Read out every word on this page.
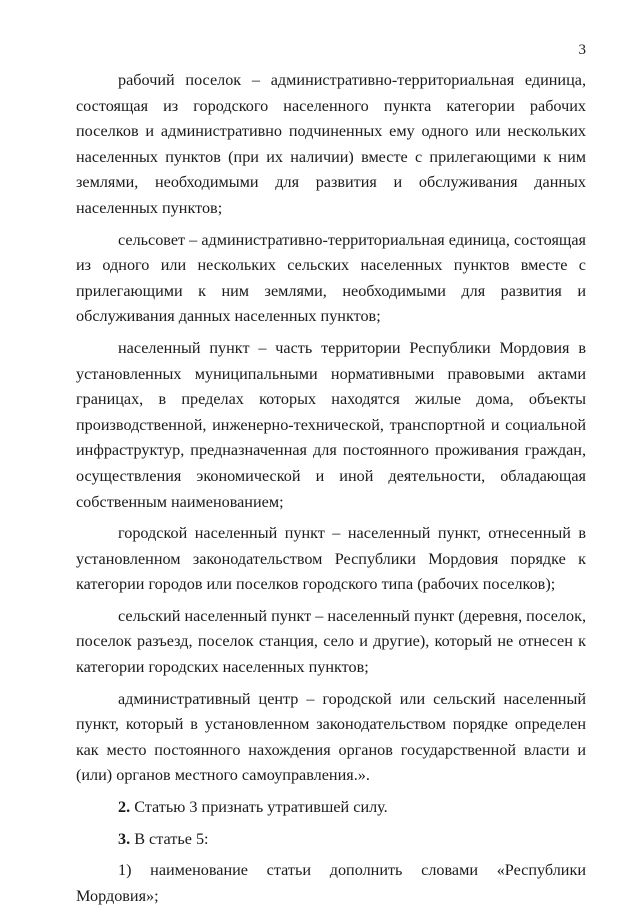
3

рабочий поселок – административно-территориальная единица, состоящая из городского населенного пункта категории рабочих поселков и административно подчиненных ему одного или нескольких населенных пунктов (при их наличии) вместе с прилегающими к ним землями, необходимыми для развития и обслуживания данных населенных пунктов;

сельсовет – административно-территориальная единица, состоящая из одного или нескольких сельских населенных пунктов вместе с прилегающими к ним землями, необходимыми для развития и обслуживания данных населенных пунктов;

населенный пункт – часть территории Республики Мордовия в установленных муниципальными нормативными правовыми актами границах, в пределах которых находятся жилые дома, объекты производственной, инженерно-технической, транспортной и социальной инфраструктур, предназначенная для постоянного проживания граждан, осуществления экономической и иной деятельности, обладающая собственным наименованием;

городской населенный пункт – населенный пункт, отнесенный в установленном законодательством Республики Мордовия порядке к категории городов или поселков городского типа (рабочих поселков);

сельский населенный пункт – населенный пункт (деревня, поселок, поселок разъезд, поселок станция, село и другие), который не отнесен к категории городских населенных пунктов;

административный центр – городской или сельский населенный пункт, который в установленном законодательством порядке определен как место постоянного нахождения органов государственной власти и (или) органов местного самоуправления.».

2. Статью 3 признать утратившей силу.

3. В статье 5:

1) наименование статьи дополнить словами «Республики Мордовия»;
